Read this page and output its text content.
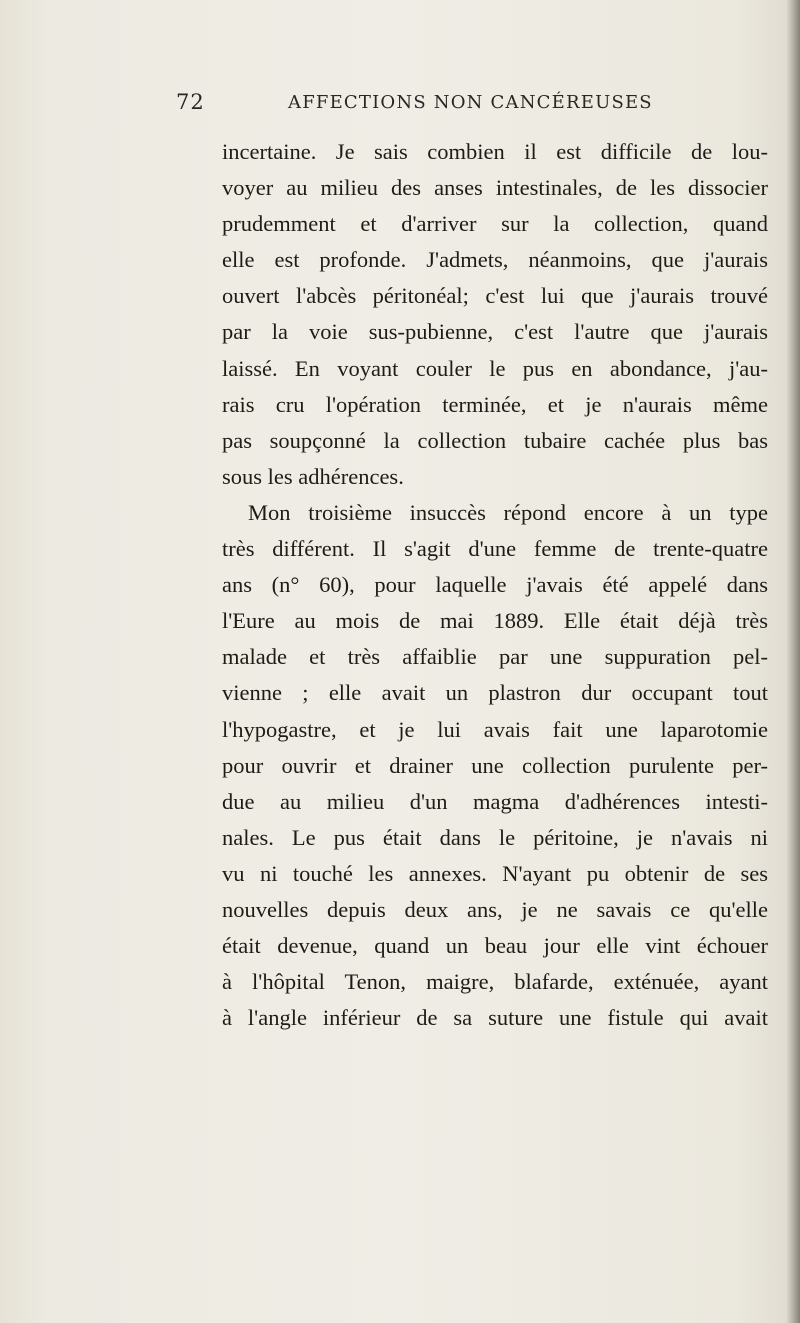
72	AFFECTIONS NON CANCÉREUSES
incertaine. Je sais combien il est difficile de lou-
voyer au milieu des anses intestinales, de les dissocier
prudemment et d'arriver sur la collection, quand
elle est profonde. J'admets, néanmoins, que j'aurais
ouvert l'abcès péritonéal; c'est lui que j'aurais trouvé
par la voie sus-pubienne, c'est l'autre que j'aurais
laissé. En voyant couler le pus en abondance, j'au-
rais cru l'opération terminée, et je n'aurais même
pas soupçonné la collection tubaire cachée plus bas
sous les adhérences.
Mon troisième insuccès répond encore à un type
très différent. Il s'agit d'une femme de trente-quatre
ans (n° 60), pour laquelle j'avais été appelé dans
l'Eure au mois de mai 1889. Elle était déjà très
malade et très affaiblie par une suppuration pel-
vienne ; elle avait un plastron dur occupant tout
l'hypogastre, et je lui avais fait une laparotomie
pour ouvrir et drainer une collection purulente per-
due au milieu d'un magma d'adhérences intesti-
nales. Le pus était dans le péritoine, je n'avais ni
vu ni touché les annexes. N'ayant pu obtenir de ses
nouvelles depuis deux ans, je ne savais ce qu'elle
était devenue, quand un beau jour elle vint échouer
à l'hôpital Tenon, maigre, blafarde, exténuée, ayant
à l'angle inférieur de sa suture une fistule qui avait
